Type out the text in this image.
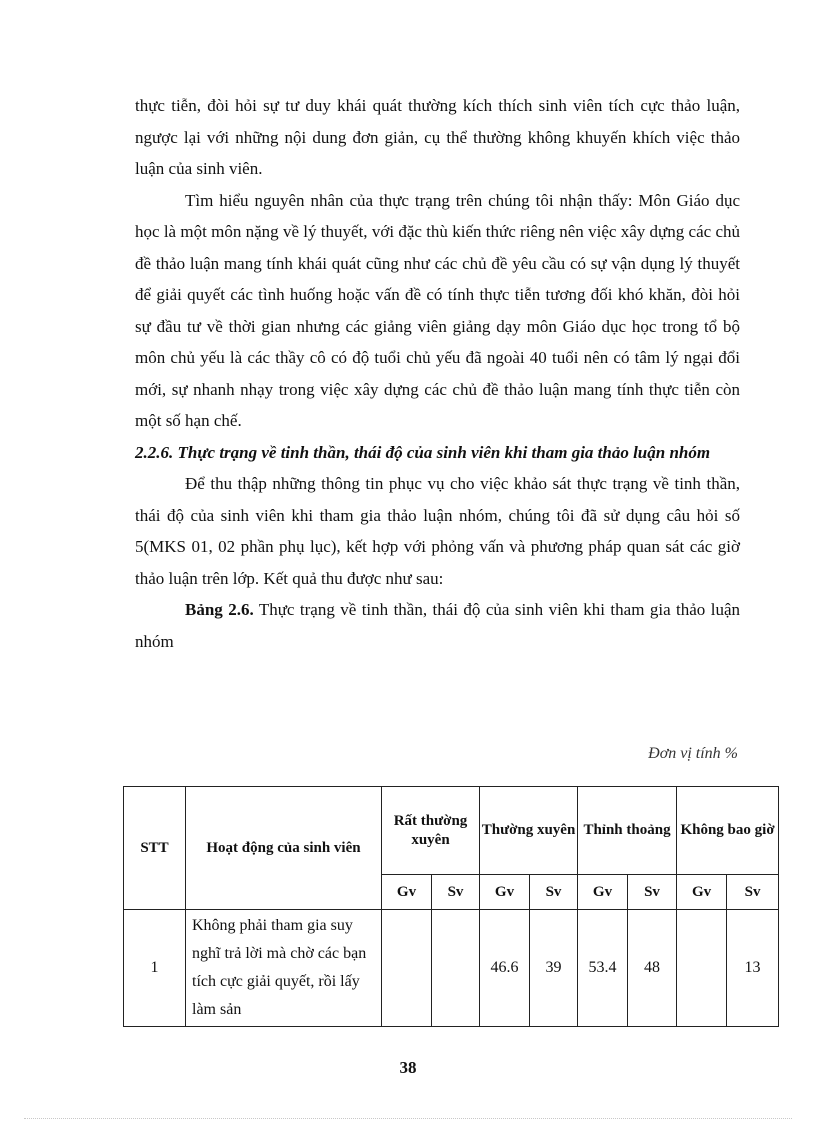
thực tiễn, đòi hỏi sự tư duy khái quát thường kích thích sinh viên tích cực thảo luận, ngược lại với những nội dung đơn giản, cụ thể thường không khuyến khích việc thảo luận của sinh viên.

Tìm hiểu nguyên nhân của thực trạng trên chúng tôi nhận thấy: Môn Giáo dục học là một môn nặng về lý thuyết, với đặc thù kiến thức riêng nên việc xây dựng các chủ đề thảo luận mang tính khái quát cũng như các chủ đề yêu cầu có sự vận dụng lý thuyết để giải quyết các tình huống hoặc vấn đề có tính thực tiễn tương đối khó khăn, đòi hỏi sự đầu tư về thời gian nhưng các giảng viên giảng dạy môn Giáo dục học trong tổ bộ môn chủ yếu là các thầy cô có độ tuổi chủ yếu đã ngoài 40 tuổi nên có tâm lý ngại đổi mới, sự nhanh nhạy trong việc xây dựng các chủ đề thảo luận mang tính thực tiễn còn một số hạn chế.

2.2.6. Thực trạng về tinh thần, thái độ của sinh viên khi tham gia thảo luận nhóm

Để thu thập những thông tin phục vụ cho việc khảo sát thực trạng về tinh thần, thái độ của sinh viên khi tham gia thảo luận nhóm, chúng tôi đã sử dụng câu hỏi số 5(MKS 01, 02 phần phụ lục), kết hợp với phỏng vấn và phương pháp quan sát các giờ thảo luận trên lớp. Kết quả thu được như sau:

Bảng 2.6. Thực trạng về tinh thần, thái độ của sinh viên khi tham gia thảo luận nhóm

Đơn vị tính %
STT	Hoạt động của sinh viên	Rất thường xuyên		Thường xuyên		Thỉnh thoảng		Không bao giờ	
		Gv	Sv	Gv	Sv	Gv	Sv	Gv	Sv
1	Không phải tham gia suy nghĩ trả lời mà chờ các bạn tích cực giải quyết, rồi lấy làm sản			46.6	39	53.4	48		13
38
